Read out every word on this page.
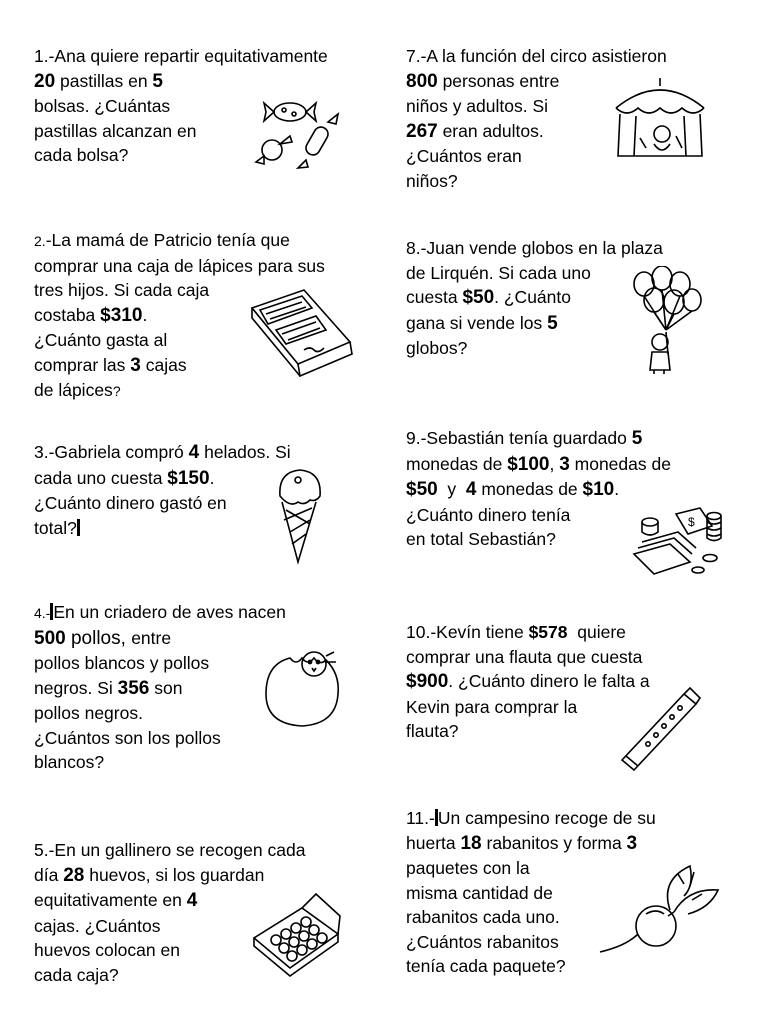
1.-Ana quiere repartir equitativamente
20 pastillas en 5
bolsas. ¿Cuántas
pastillas alcanzan en
cada bolsa?
2.-La mamá de Patricio tenía que
comprar una caja de lápices para sus
tres hijos. Si cada caja
costaba $310.
¿Cuánto gasta al
comprar las 3 cajas
de lápices?
3.-Gabriela compró 4 helados. Si
cada uno cuesta $150.
¿Cuánto dinero gastó en
total?
4.- En un criadero de aves nacen
500 pollos, entre
pollos blancos y pollos
negros. Si 356 son
pollos negros.
¿Cuántos son los pollos
blancos?
5.-En un gallinero se recogen cada
día 28 huevos, si los guardan
equitativamente en 4
cajas. ¿Cuántos
huevos colocan en
cada caja?
7.-A la función del circo asistieron
800 personas entre
niños y adultos. Si
267 eran adultos.
¿Cuántos eran
niños?
8.-Juan vende globos en la plaza
de Lirquén. Si cada uno
cuesta $50. ¿Cuánto
gana si vende los 5
globos?
9.-Sebastián tenía guardado 5
monedas de $100, 3 monedas de
$50  y  4 monedas de $10.
¿Cuánto dinero tenía
en total Sebastián?
$
10.-Kevín tiene $578  quiere
comprar una flauta que cuesta
$900. ¿Cuánto dinero le falta a
Kevin para comprar la
flauta?
11.- Un campesino recoge de su
huerta 18 rabanitos y forma 3
paquetes con la
misma cantidad de
rabanitos cada uno.
¿Cuántos rabanitos
tenía cada paquete?
